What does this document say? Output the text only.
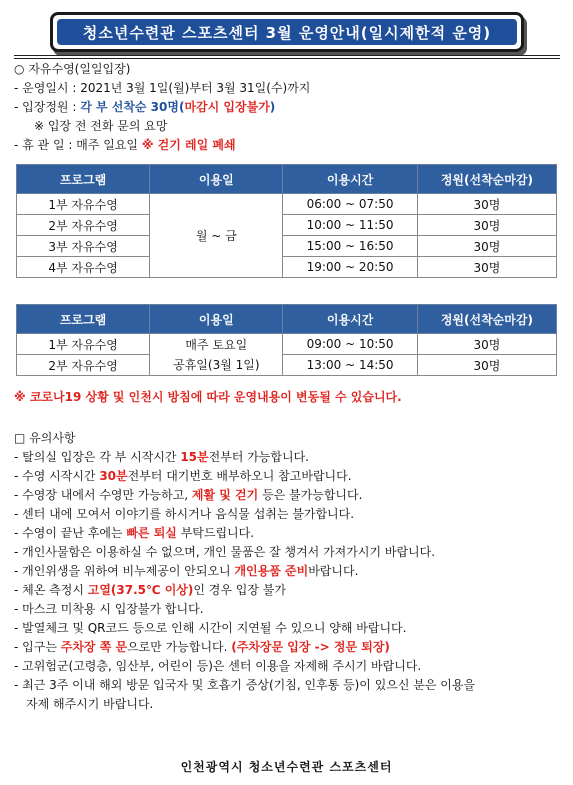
청소년수련관 스포츠센터 3월 운영안내(일시제한적 운영)
○ 자유수영(일일입장)
- 운영일시 : 2021년 3월 1일(월)부터 3월 31일(수)까지
- 입장정원 : 각 부 선착순 30명(마감시 입장불가)
※ 입장 전 전화 문의 요망
- 휴 관 일 : 매주 일요일 ※ 걷기 레일 폐쇄
프로그램	이용일	이용시간	정원(선착순마감)
1부 자유수영	월 ~ 금	06:00 ~ 07:50	30명
2부 자유수영		10:00 ~ 11:50	30명
3부 자유수영		15:00 ~ 16:50	30명
4부 자유수영		19:00 ~ 20:50	30명
프로그램	이용일	이용시간	정원(선착순마감)
1부 자유수영	매주 토요일	09:00 ~ 10:50	30명
2부 자유수영	공휴일(3월 1일)	13:00 ~ 14:50	30명
※ 코로나19 상황 및 인천시 방침에 따라 운영내용이 변동될 수 있습니다.
□ 유의사항
- 탈의실 입장은 각 부 시작시간 15분전부터 가능합니다.
- 수영 시작시간 30분전부터 대기번호 배부하오니 참고바랍니다.
- 수영장 내에서 수영만 가능하고, 제활 및 걷기 등은 불가능합니다.
- 센터 내에 모여서 이야기를 하시거나 음식물 섭취는 불가합니다.
- 수영이 끝난 후에는 빠른 퇴실 부탁드립니다.
- 개인사물함은 이용하실 수 없으며, 개인 물품은 잘 챙겨서 가져가시기 바랍니다.
- 개인위생을 위하여 비누제공이 안되오니 개인용품 준비바랍니다.
- 체온 측정시 고열(37.5℃ 이상)인 경우 입장 불가
- 마스크 미착용 시 입장불가 합니다.
- 발열체크 및 QR코드 등으로 인해 시간이 지연될 수 있으니 양해 바랍니다.
- 입구는 주차장 쪽 문으로만 가능합니다. (주차장문 입장 -> 정문 퇴장)
- 고위험군(고령층, 임산부, 어린이 등)은 센터 이용을 자제해 주시기 바랍니다.
- 최근 3주 이내 해외 방문 입국자 및 호흡기 증상(기침, 인후통 등)이 있으신 분은 이용을
자제 해주시기 바랍니다.
인천광역시 청소년수련관 스포츠센터
